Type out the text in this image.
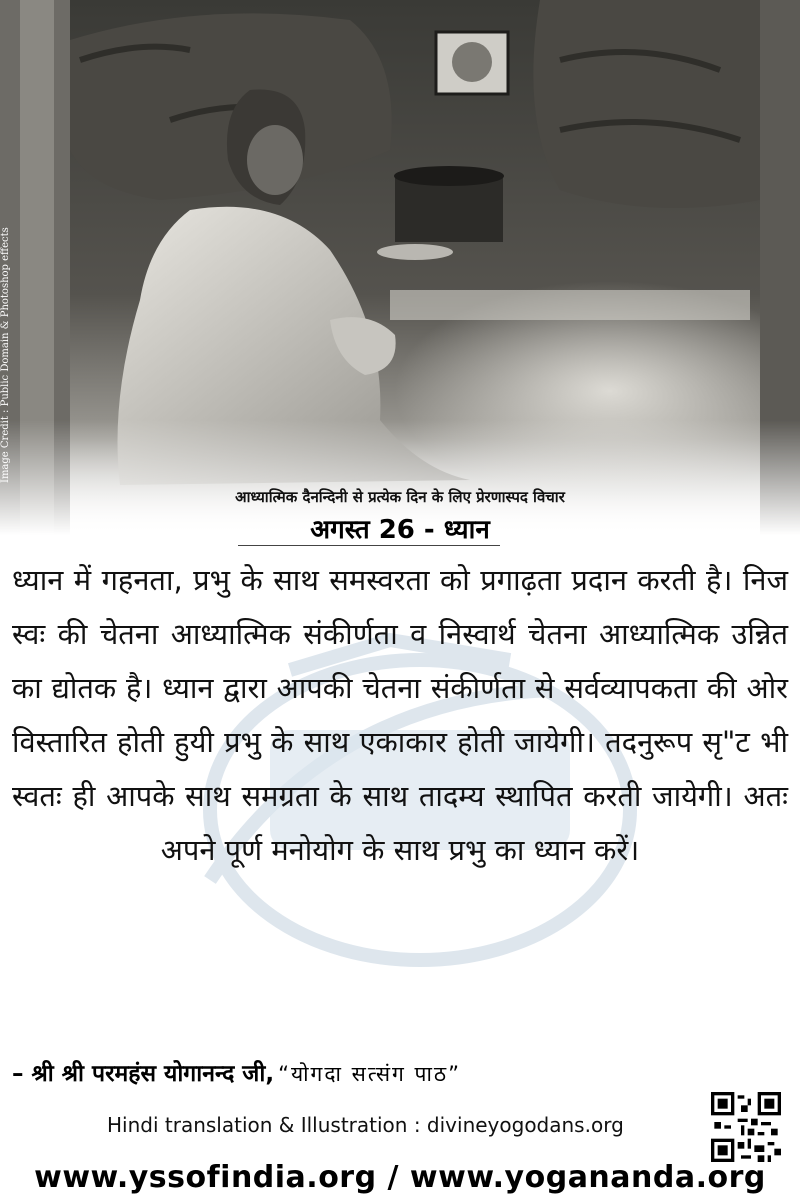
Image Credit : Public Domain & Photoshop effects
आध्यात्मिक दैनन्दिनी से प्रत्येक दिन के लिए प्रेरणास्पद विचार
अगस्त 26 - ध्यान
ध्यान में गहनता, प्रभु के साथ समस्वरता को प्रगाढ़ता प्रदान करती है। निज स्वः की चेतना आध्यात्मिक संकीर्णता व निस्वार्थ चेतना आध्यात्मिक उन्नित का द्योतक है। ध्यान द्वारा आपकी चेतना संकीर्णता से सर्वव्यापकता की ओर विस्तारित होती हुयी प्रभु के साथ एकाकार होती जायेगी। तदनुरूप सृ"ट भी स्वतः ही आपके साथ समग्रता के साथ तादम्य स्थापित करती जायेगी। अतः अपने पूर्ण मनोयोग के साथ प्रभु का ध्यान करें।
– श्री श्री परमहंस योगानन्द जी, “योगदा सत्संग पाठ”
Hindi translation & Illustration : divineyogodans.org
www.yssofindia.org / www.yogananda.org
